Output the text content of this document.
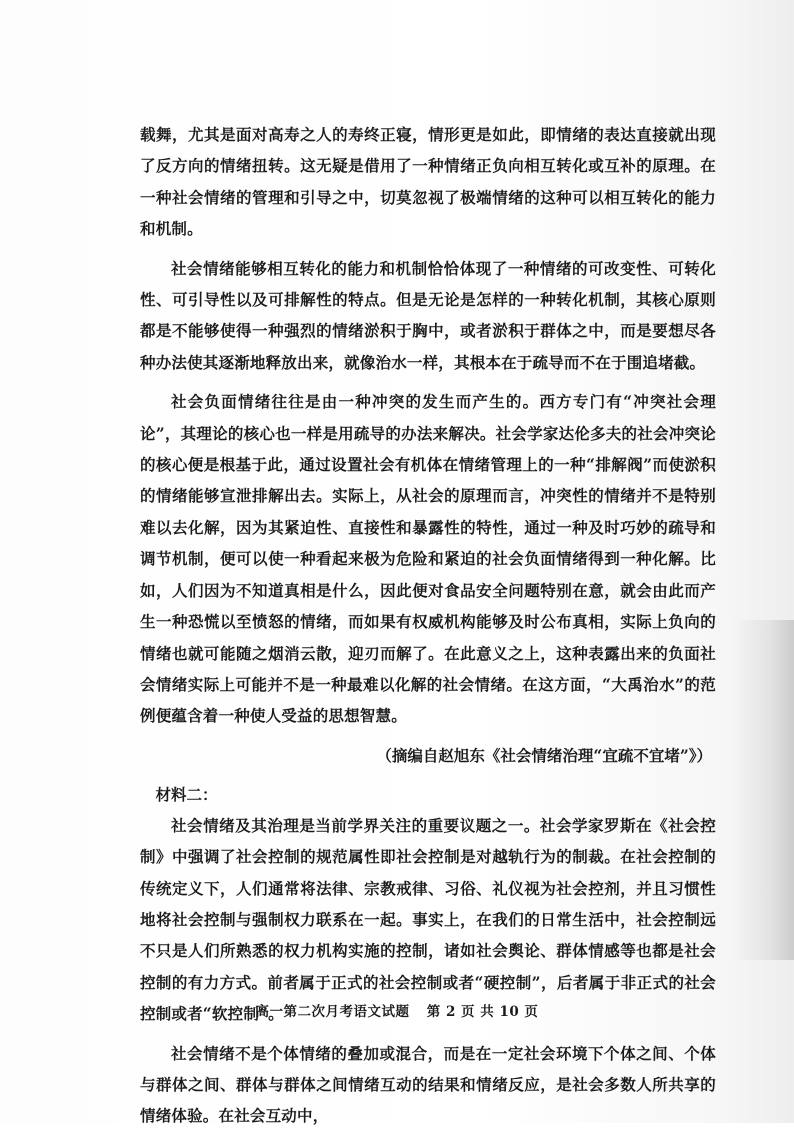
载舞，尤其是面对高寿之人的寿终正寝，情形更是如此，即情绪的表达直接就出现了反方向的情绪扭转。这无疑是借用了一种情绪正负向相互转化或互补的原理。在一种社会情绪的管理和引导之中，切莫忽视了极端情绪的这种可以相互转化的能力和机制。

社会情绪能够相互转化的能力和机制恰恰体现了一种情绪的可改变性、可转化性、可引导性以及可排解性的特点。但是无论是怎样的一种转化机制，其核心原则都是不能够使得一种强烈的情绪淤积于胸中，或者淤积于群体之中，而是要想尽各种办法使其逐渐地释放出来，就像治水一样，其根本在于疏导而不在于围追堵截。

社会负面情绪往往是由一种冲突的发生而产生的。西方专门有“冲突社会理论”，其理论的核心也一样是用疏导的办法来解决。社会学家达伦多夫的社会冲突论的核心便是根基于此，通过设置社会有机体在情绪管理上的一种“排解阀”而使淤积的情绪能够宣泄排解出去。实际上，从社会的原理而言，冲突性的情绪并不是特别难以去化解，因为其紧迫性、直接性和暴露性的特性，通过一种及时巧妙的疏导和调节机制，便可以使一种看起来极为危险和紧迫的社会负面情绪得到一种化解。比如，人们因为不知道真相是什么，因此便对食品安全问题特别在意，就会由此而产生一种恐慌以至愤怒的情绪，而如果有权威机构能够及时公布真相，实际上负向的情绪也就可能随之烟消云散，迎刃而解了。在此意义之上，这种表露出来的负面社会情绪实际上可能并不是一种最难以化解的社会情绪。在这方面，“大禹治水”的范例便蕴含着一种使人受益的思想智慧。

（摘编自赵旭东《社会情绪治理“宜疏不宜堵”》）

材料二：

社会情绪及其治理是当前学界关注的重要议题之一。社会学家罗斯在《社会控制》中强调了社会控制的规范属性即社会控制是对越轨行为的制裁。在社会控制的传统定义下，人们通常将法律、宗教戒律、习俗、礼仪视为社会控剂，并且习惯性地将社会控制与强制权力联系在一起。事实上，在我们的日常生活中，社会控制远不只是人们所熟悉的权力机构实施的控制，诸如社会舆论、群体情感等也都是社会控制的有力方式。前者属于正式的社会控制或者“硬控制”，后者属于非正式的社会控制或者“软控制”。

社会情绪不是个体情绪的叠加或混合，而是在一定社会环境下个体之间、个体与群体之间、群体与群体之间情绪互动的结果和情绪反应，是社会多数人所共享的情绪体验。在社会互动中，

高一第二次月考语文试题 第 2 页 共 10 页
